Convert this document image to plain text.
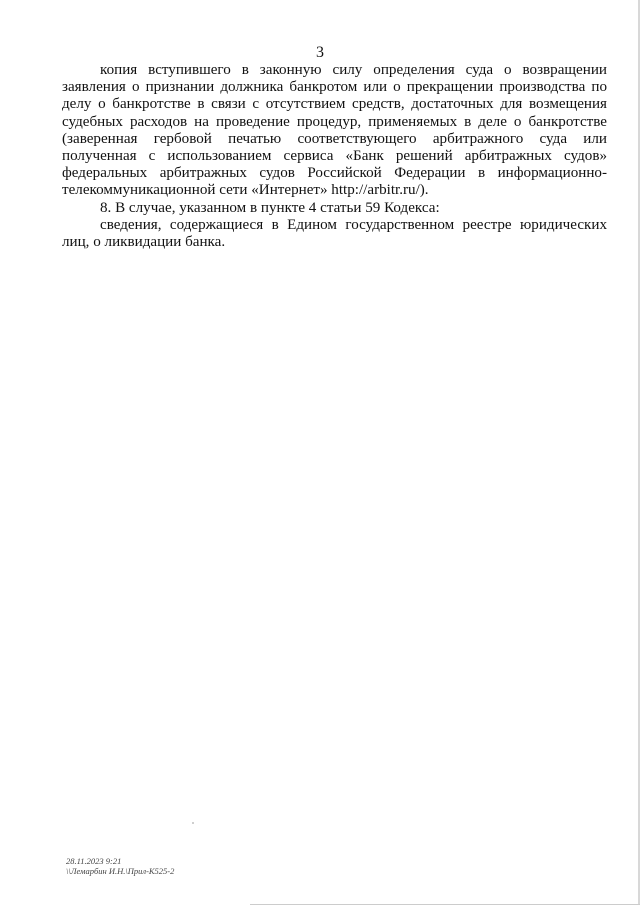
3

копия вступившего в законную силу определения суда о возвращении заявления о признании должника банкротом или о прекращении производства по делу о банкротстве в связи с отсутствием средств, достаточных для возмещения судебных расходов на проведение процедур, применяемых в деле о банкротстве (заверенная гербовой печатью соответствующего арбитражного суда или полученная с использованием сервиса «Банк решений арбитражных судов» федеральных арбитражных судов Российской Федерации в информационно-телекоммуникационной сети «Интернет» http://arbitr.ru/).

8. В случае, указанном в пункте 4 статьи 59 Кодекса:

сведения, содержащиеся в Едином государственном реестре юридических лиц, о ликвидации банка.

28.11.2023 9:21
\\Лемарбин И.Н.\Прил-К525-2
